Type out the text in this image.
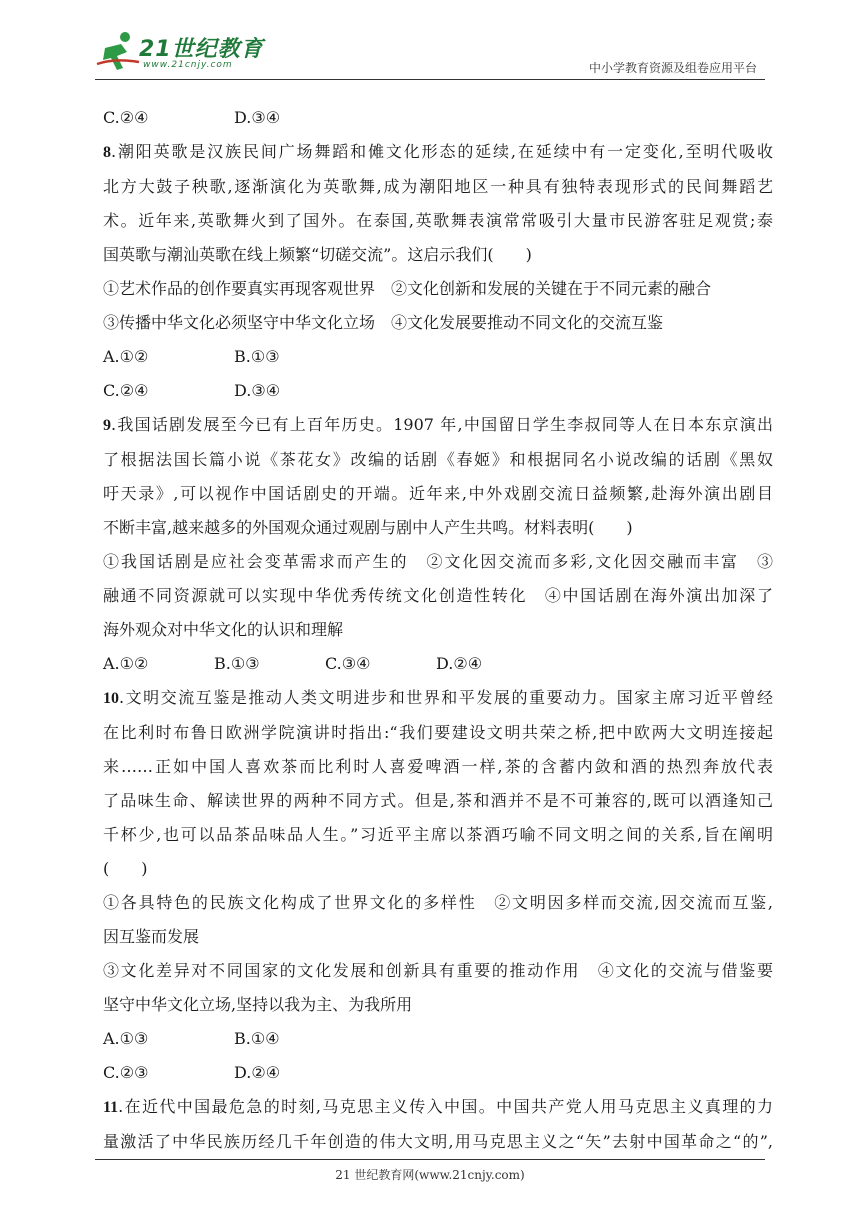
21世纪教育
www.21cnjy.com	中小学教育资源及组卷应用平台
C.②④	D.③④
8.潮阳英歌是汉族民间广场舞蹈和傩文化形态的延续,在延续中有一定变化,至明代吸收
北方大鼓子秧歌,逐渐演化为英歌舞,成为潮阳地区一种具有独特表现形式的民间舞蹈艺
术。近年来,英歌舞火到了国外。在泰国,英歌舞表演常常吸引大量市民游客驻足观赏;泰
国英歌与潮汕英歌在线上频繁“切磋交流”。这启示我们(　　)
①艺术作品的创作要真实再现客观世界　②文化创新和发展的关键在于不同元素的融合
③传播中华文化必须坚守中华文化立场　④文化发展要推动不同文化的交流互鉴
A.①②	B.①③
C.②④	D.③④
9.我国话剧发展至今已有上百年历史。1907 年,中国留日学生李叔同等人在日本东京演出
了根据法国长篇小说《茶花女》改编的话剧《春姬》和根据同名小说改编的话剧《黑奴
吁天录》,可以视作中国话剧史的开端。近年来,中外戏剧交流日益频繁,赴海外演出剧目
不断丰富,越来越多的外国观众通过观剧与剧中人产生共鸣。材料表明(　　)
①我国话剧是应社会变革需求而产生的　②文化因交流而多彩,文化因交融而丰富　③
融通不同资源就可以实现中华优秀传统文化创造性转化　④中国话剧在海外演出加深了
海外观众对中华文化的认识和理解
A.①②	B.①③	C.③④	D.②④
10.文明交流互鉴是推动人类文明进步和世界和平发展的重要动力。国家主席习近平曾经
在比利时布鲁日欧洲学院演讲时指出:“我们要建设文明共荣之桥,把中欧两大文明连接起
来……正如中国人喜欢茶而比利时人喜爱啤酒一样,茶的含蓄内敛和酒的热烈奔放代表
了品味生命、解读世界的两种不同方式。但是,茶和酒并不是不可兼容的,既可以酒逢知己
千杯少,也可以品茶品味品人生。”习近平主席以茶酒巧喻不同文明之间的关系,旨在阐明
(　　)
①各具特色的民族文化构成了世界文化的多样性　②文明因多样而交流,因交流而互鉴,
因互鉴而发展
③文化差异对不同国家的文化发展和创新具有重要的推动作用　④文化的交流与借鉴要
坚守中华文化立场,坚持以我为主、为我所用
A.①③	B.①④
C.②③	D.②④
11.在近代中国最危急的时刻,马克思主义传入中国。中国共产党人用马克思主义真理的力
量激活了中华民族历经几千年创造的伟大文明,用马克思主义之“矢”去射中国革命之“的”,
21 世纪教育网(www.21cnjy.com)
